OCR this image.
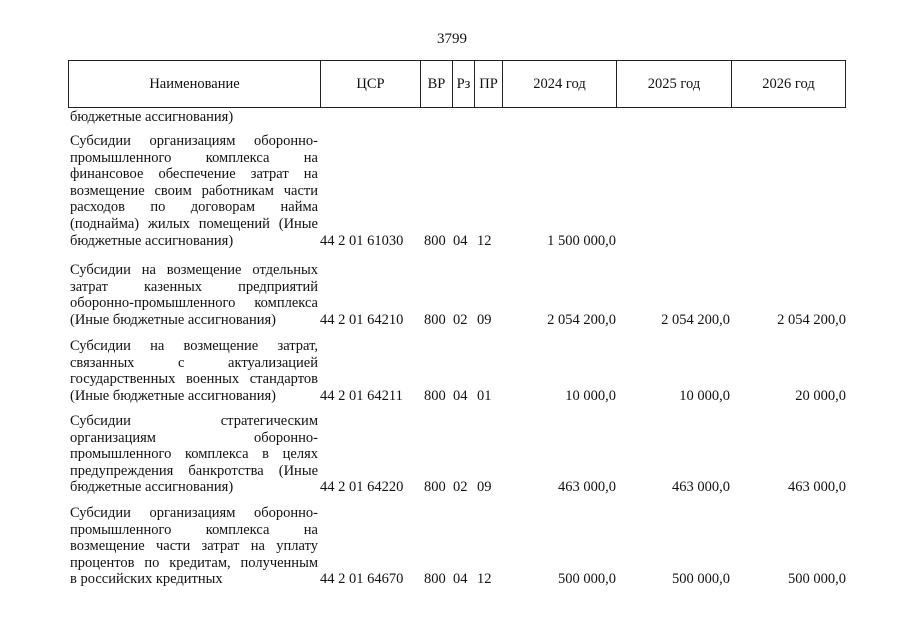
3799
Наименование	ЦСР	ВР Рз ПР	2024 год	2025 год	2026 год
бюджетные ассигнования)
Субсидии организациям оборонно-
промышленного комплекса на
финансовое обеспечение затрат на
возмещение своим работникам части
расходов по договорам найма
(поднайма) жилых помещений (Иные
бюджетные ассигнования)	44 2 01 61030 800 04 12	1 500 000,0
Субсидии на возмещение отдельных
затрат казенных предприятий
оборонно-промышленного комплекса
(Иные бюджетные ассигнования)	44 2 01 64210 800 02 09	2 054 200,0	2 054 200,0	2 054 200,0
Субсидии на возмещение затрат,
связанных с актуализацией
государственных военных стандартов
(Иные бюджетные ассигнования)	44 2 01 64211 800 04 01	10 000,0	10 000,0	20 000,0
Субсидии стратегическим
организациям оборонно-
промышленного комплекса в целях
предупреждения банкротства (Иные
бюджетные ассигнования)	44 2 01 64220 800 02 09	463 000,0	463 000,0	463 000,0
Субсидии организациям оборонно-
промышленного комплекса на
возмещение части затрат на уплату
процентов по кредитам, полученным
в российских кредитных	44 2 01 64670 800 04 12	500 000,0	500 000,0	500 000,0
